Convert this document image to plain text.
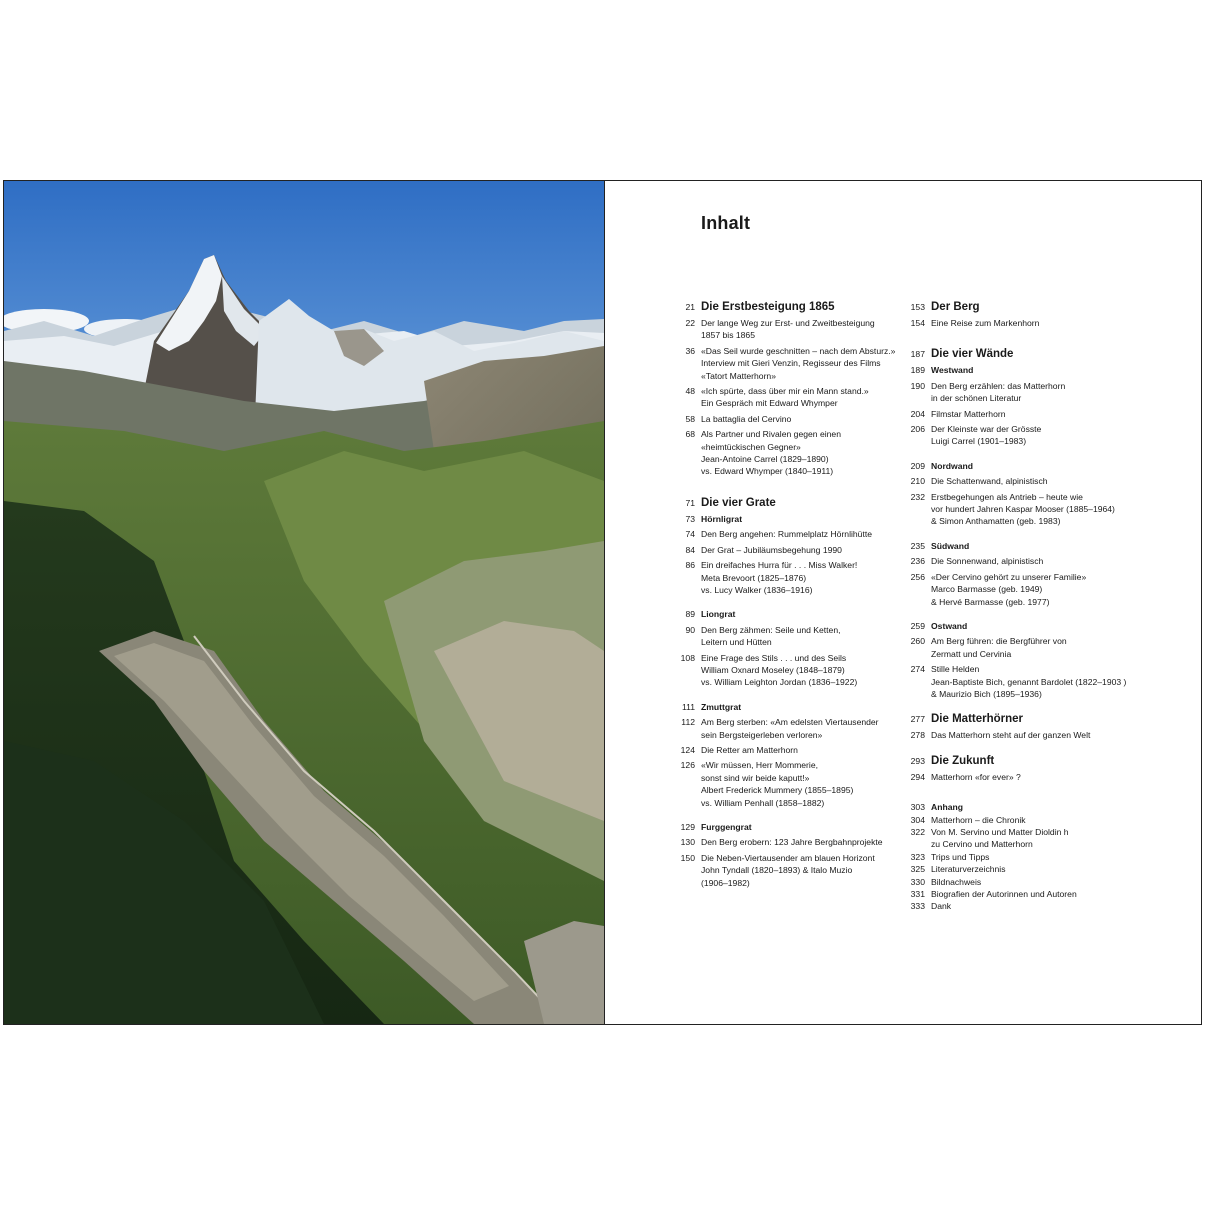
Inhalt
21 Die Erstbesteigung 1865
22 Der lange Weg zur Erst- und Zweitbesteigung
1857 bis 1865
36 «Das Seil wurde geschnitten – nach dem Absturz.»
Interview mit Gieri Venzin, Regisseur des Films
«Tatort Matterhorn»
48 «Ich spürte, dass über mir ein Mann stand.»
Ein Gespräch mit Edward Whymper
58 La battaglia del Cervino
68 Als Partner und Rivalen gegen einen
«heimtückischen Gegner»
Jean-Antoine Carrel (1829–1890)
vs. Edward Whymper (1840–1911)
71 Die vier Grate
73 Hörnligrat
74 Den Berg angehen: Rummelplatz Hörnlihütte
84 Der Grat – Jubiläumsbegehung 1990
86 Ein dreifaches Hurra für . . . Miss Walker!
Meta Brevoort (1825–1876)
vs. Lucy Walker (1836–1916)
89 Liongrat
90 Den Berg zähmen: Seile und Ketten,
Leitern und Hütten
108 Eine Frage des Stils . . . und des Seils
William Oxnard Moseley (1848–1879)
vs. William Leighton Jordan (1836–1922)
111 Zmuttgrat
112 Am Berg sterben: «Am edelsten Viertausender
sein Bergsteigerleben verloren»
124 Die Retter am Matterhorn
126 «Wir müssen, Herr Mommerie,
sonst sind wir beide kaputt!»
Albert Frederick Mummery (1855–1895)
vs. William Penhall (1858–1882)
129 Furggengrat
130 Den Berg erobern: 123 Jahre Bergbahnprojekte
150 Die Neben-Viertausender am blauen Horizont
John Tyndall (1820–1893) & Italo Muzio
(1906–1982)
153 Der Berg
154 Eine Reise zum Markenhorn
187 Die vier Wände
189 Westwand
190 Den Berg erzählen: das Matterhorn
in der schönen Literatur
204 Filmstar Matterhorn
206 Der Kleinste war der Grösste
Luigi Carrel (1901–1983)
209 Nordwand
210 Die Schattenwand, alpinistisch
232 Erstbegehungen als Antrieb – heute wie
vor hundert Jahren Kaspar Mooser (1885–1964)
& Simon Anthamatten (geb. 1983)
235 Südwand
236 Die Sonnenwand, alpinistisch
256 «Der Cervino gehört zu unserer Familie»
Marco Barmasse (geb. 1949)
& Hervé Barmasse (geb. 1977)
259 Ostwand
260 Am Berg führen: die Bergführer von
Zermatt und Cervinia
274 Stille Helden
Jean-Baptiste Bich, genannt Bardolet (1822–1903 )
& Maurizio Bich (1895–1936)
277 Die Matterhörner
278 Das Matterhorn steht auf der ganzen Welt
293 Die Zukunft
294 Matterhorn «for ever» ?
303 Anhang
304 Matterhorn – die Chronik
322 Von M. Servino und Matter Dioldin h
zu Cervino und Matterhorn
323 Trips und Tipps
325 Literaturverzeichnis
330 Bildnachweis
331 Biografien der Autorinnen und Autoren
333 Dank
